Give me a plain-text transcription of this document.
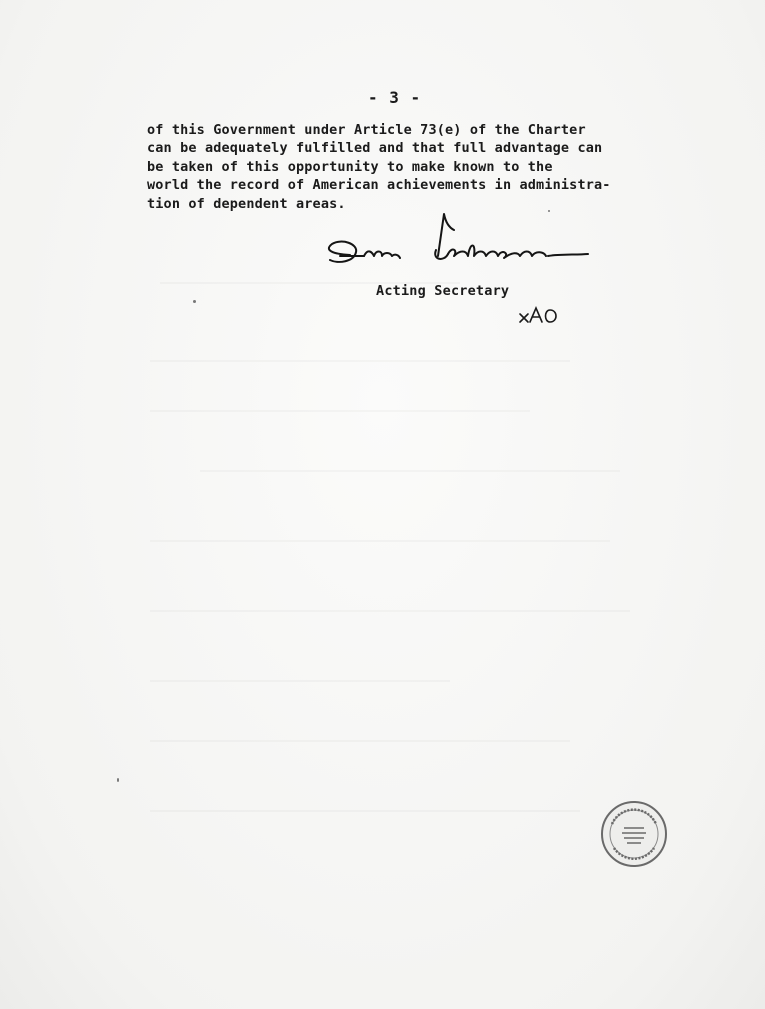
- 3 -
of this Government under Article 73(e) of the Charter
can be adequately fulfilled and that full advantage can
be taken of this opportunity to make known to the
world the record of American achievements in administra-
tion of dependent areas.
Acting Secretary
